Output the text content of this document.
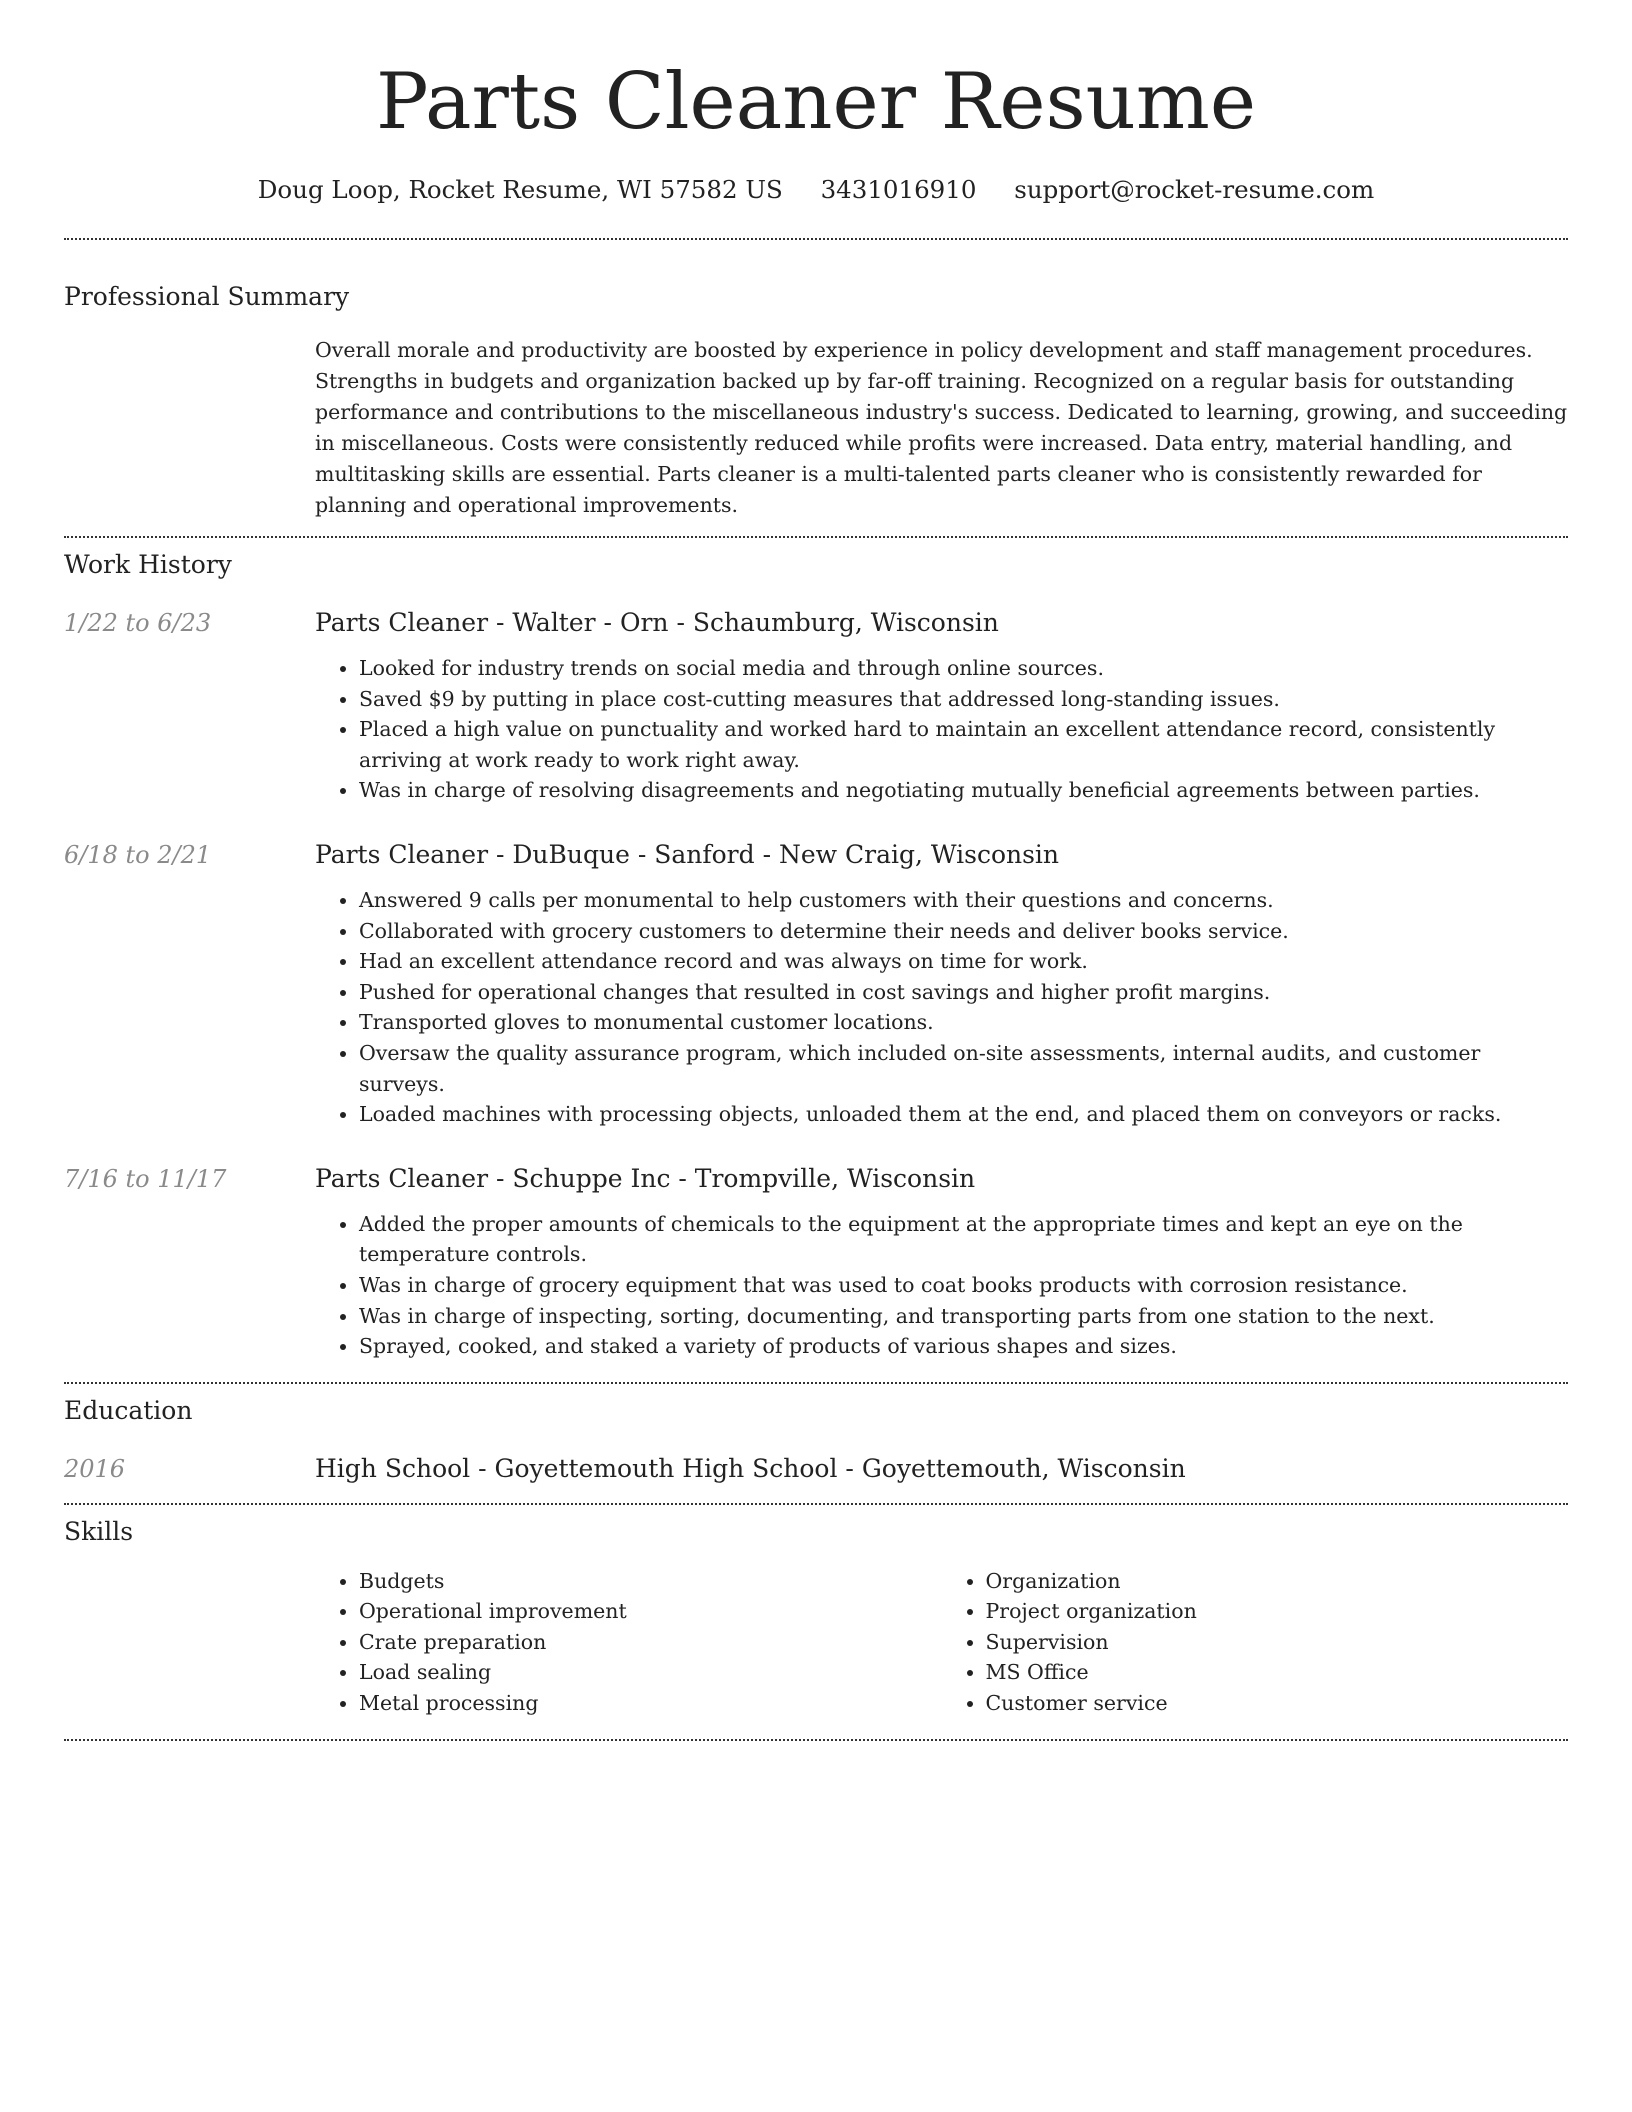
Parts Cleaner Resume
Doug Loop, Rocket Resume, WI 57582 US 3431016910 support@rocket-resume.com
Professional Summary
Overall morale and productivity are boosted by experience in policy development and staff management procedures. Strengths in budgets and organization backed up by far-off training. Recognized on a regular basis for outstanding performance and contributions to the miscellaneous industry's success. Dedicated to learning, growing, and succeeding in miscellaneous. Costs were consistently reduced while profits were increased. Data entry, material handling, and multitasking skills are essential. Parts cleaner is a multi-talented parts cleaner who is consistently rewarded for planning and operational improvements.
Work History
1/22 to 6/23	Parts Cleaner - Walter - Orn - Schaumburg, Wisconsin
• Looked for industry trends on social media and through online sources.
• Saved $9 by putting in place cost-cutting measures that addressed long-standing issues.
• Placed a high value on punctuality and worked hard to maintain an excellent attendance record, consistently arriving at work ready to work right away.
• Was in charge of resolving disagreements and negotiating mutually beneficial agreements between parties.
6/18 to 2/21	Parts Cleaner - DuBuque - Sanford - New Craig, Wisconsin
• Answered 9 calls per monumental to help customers with their questions and concerns.
• Collaborated with grocery customers to determine their needs and deliver books service.
• Had an excellent attendance record and was always on time for work.
• Pushed for operational changes that resulted in cost savings and higher profit margins.
• Transported gloves to monumental customer locations.
• Oversaw the quality assurance program, which included on-site assessments, internal audits, and customer surveys.
• Loaded machines with processing objects, unloaded them at the end, and placed them on conveyors or racks.
7/16 to 11/17	Parts Cleaner - Schuppe Inc - Trompville, Wisconsin
• Added the proper amounts of chemicals to the equipment at the appropriate times and kept an eye on the temperature controls.
• Was in charge of grocery equipment that was used to coat books products with corrosion resistance.
• Was in charge of inspecting, sorting, documenting, and transporting parts from one station to the next.
• Sprayed, cooked, and staked a variety of products of various shapes and sizes.
Education
2016	High School - Goyettemouth High School - Goyettemouth, Wisconsin
Skills
• Budgets
• Operational improvement
• Crate preparation
• Load sealing
• Metal processing
• Organization
• Project organization
• Supervision
• MS Office
• Customer service
